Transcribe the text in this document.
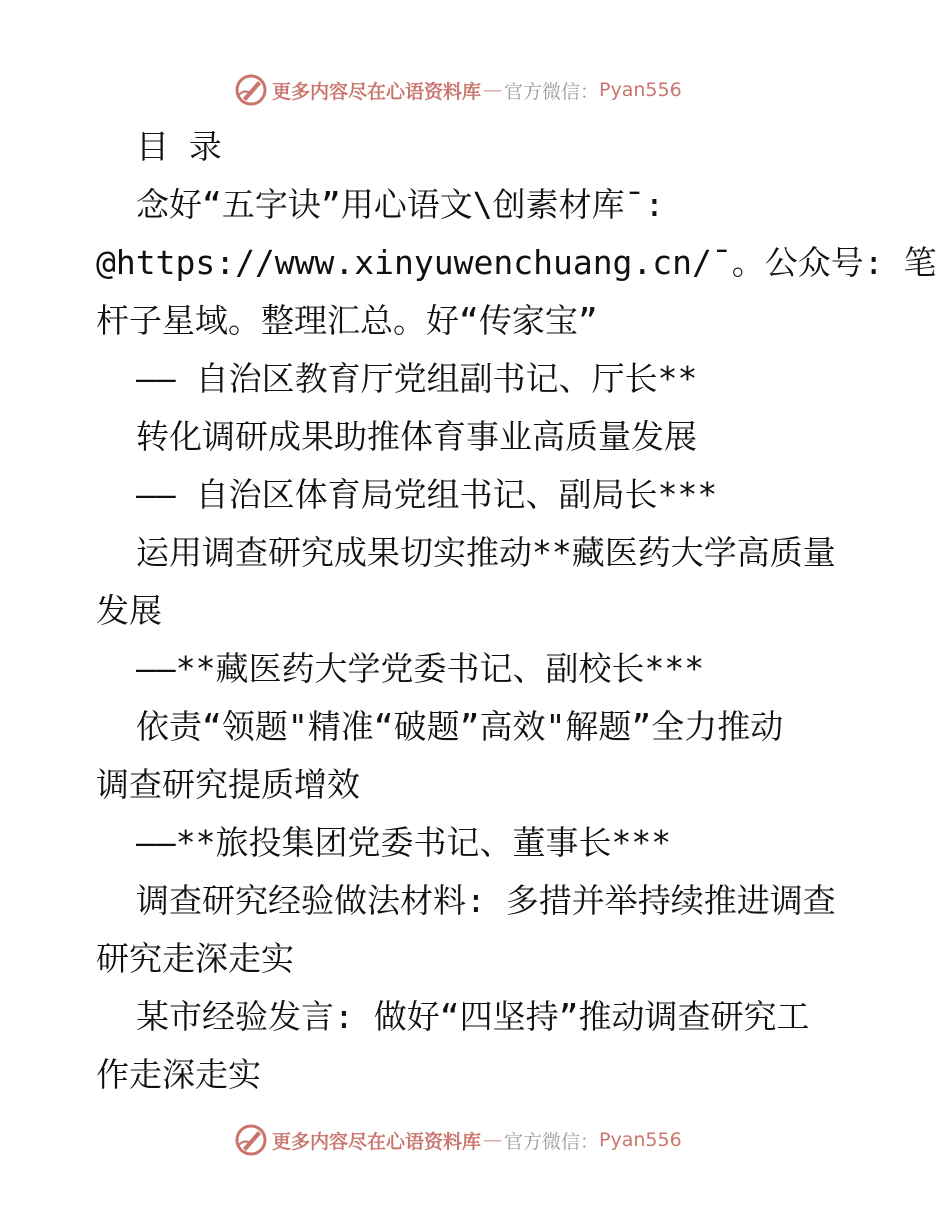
更多内容尽在心语资料库 — 官方微信： Pyan556
目 录
念好“五字诀”用心语文\创素材库¯:
@https://www.xinyuwenchuang.cn/¯。公众号: 笔
杆子星域。整理汇总。好“传家宝”
—— 自治区教育厅党组副书记、厅长**
转化调研成果助推体育事业高质量发展
—— 自治区体育局党组书记、副局长***
运用调查研究成果切实推动**藏医药大学高质量
发展
——**藏医药大学党委书记、副校长***
依责“领题"精准“破题”高效"解题”全力推动
调查研究提质增效
——**旅投集团党委书记、董事长***
调查研究经验做法材料: 多措并举持续推进调查
研究走深走实
某市经验发言: 做好“四坚持”推动调查研究工
作走深走实
更多内容尽在心语资料库 — 官方微信： Pyan556
